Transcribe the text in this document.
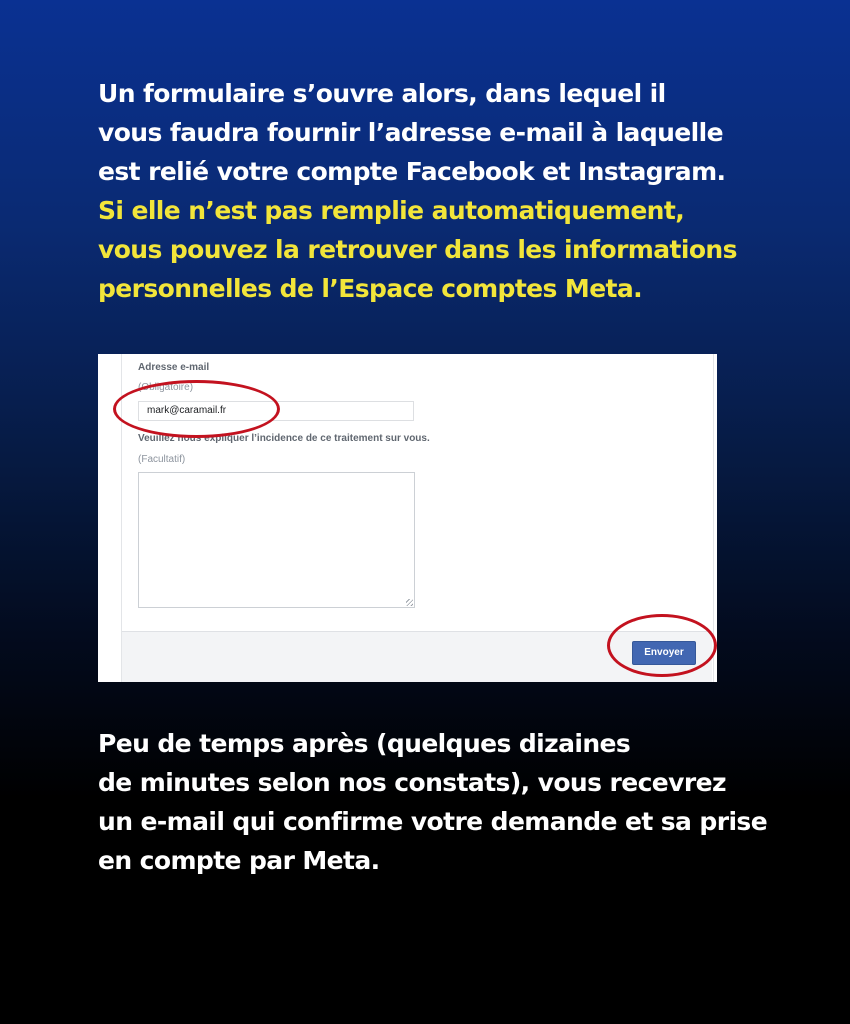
Un formulaire s’ouvre alors, dans lequel il
vous faudra fournir l’adresse e-mail à laquelle
est relié votre compte Facebook et Instagram.
Si elle n’est pas remplie automatiquement,
vous pouvez la retrouver dans les informations
personnelles de l’Espace comptes Meta.
Adresse e-mail
(Obligatoire)
mark@caramail.fr
Veuillez nous expliquer l’incidence de ce traitement sur vous.
(Facultatif)
Envoyer
Peu de temps après (quelques dizaines
de minutes selon nos constats), vous recevrez
un e-mail qui confirme votre demande et sa prise
en compte par Meta.
